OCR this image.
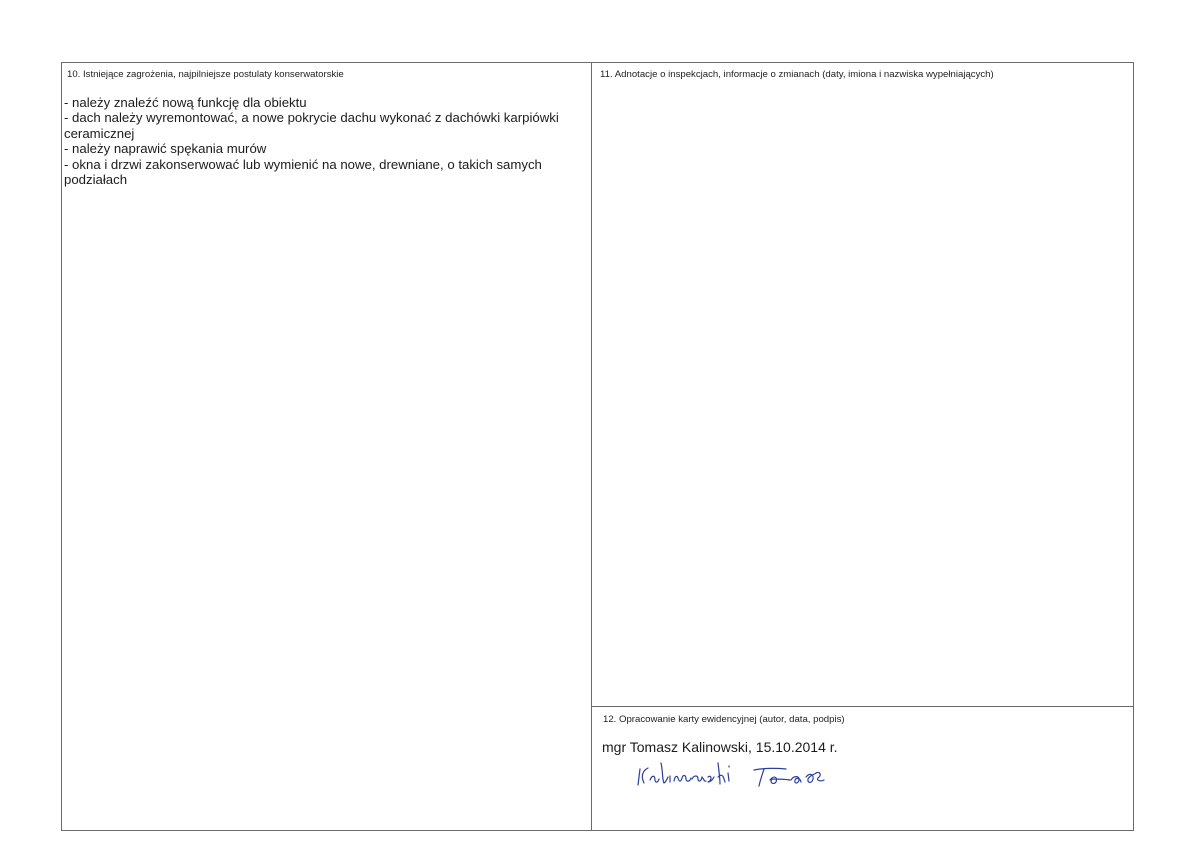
10. Istniejące zagrożenia, najpilniejsze postulaty konserwatorskie
- należy znaleźć nową funkcję dla obiektu
- dach należy wyremontować, a nowe pokrycie dachu wykonać z dachówki karpiówki ceramicznej
- należy naprawić spękania murów
- okna i drzwi zakonserwować lub wymienić na nowe, drewniane, o takich samych podziałach
11. Adnotacje o inspekcjach, informacje o zmianach (daty, imiona i nazwiska wypełniających)
12. Opracowanie karty ewidencyjnej (autor, data, podpis)
mgr Tomasz Kalinowski, 15.10.2014 r.
